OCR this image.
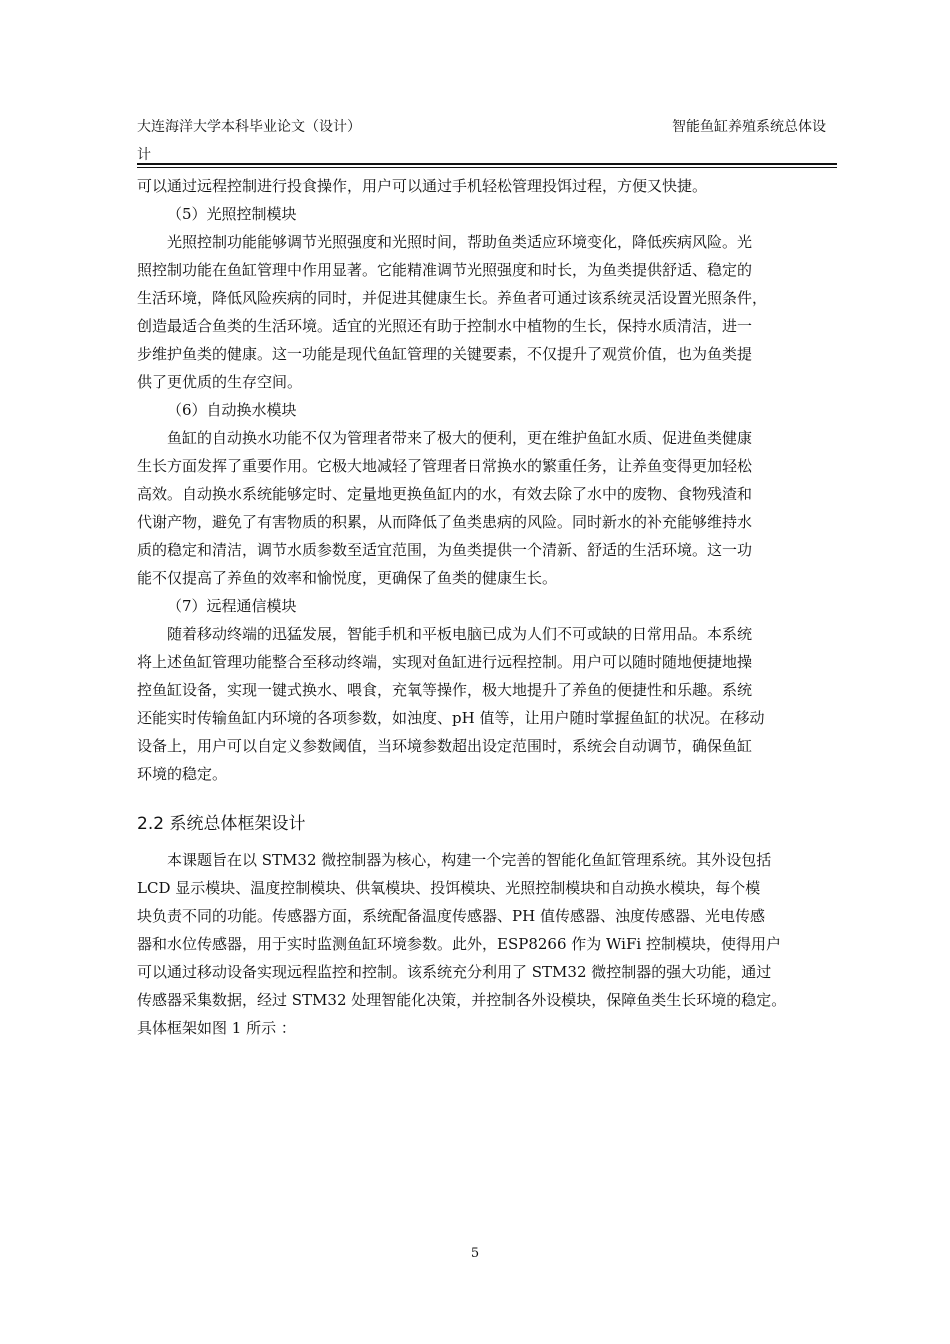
大连海洋大学本科毕业论文（设计）	智能鱼缸养殖系统总体设
计
可以通过远程控制进行投食操作，用户可以通过手机轻松管理投饵过程，方便又快捷。
（5）光照控制模块
光照控制功能能够调节光照强度和光照时间，帮助鱼类适应环境变化，降低疾病风险。光
照控制功能在鱼缸管理中作用显著。它能精准调节光照强度和时长，为鱼类提供舒适、稳定的
生活环境，降低风险疾病的同时，并促进其健康生长。养鱼者可通过该系统灵活设置光照条件，
创造最适合鱼类的生活环境。适宜的光照还有助于控制水中植物的生长，保持水质清洁，进一
步维护鱼类的健康。这一功能是现代鱼缸管理的关键要素，不仅提升了观赏价值，也为鱼类提
供了更优质的生存空间。
（6）自动换水模块
鱼缸的自动换水功能不仅为管理者带来了极大的便利，更在维护鱼缸水质、促进鱼类健康
生长方面发挥了重要作用。它极大地减轻了管理者日常换水的繁重任务，让养鱼变得更加轻松
高效。自动换水系统能够定时、定量地更换鱼缸内的水，有效去除了水中的废物、食物残渣和
代谢产物，避免了有害物质的积累，从而降低了鱼类患病的风险。同时新水的补充能够维持水
质的稳定和清洁，调节水质参数至适宜范围，为鱼类提供一个清新、舒适的生活环境。这一功
能不仅提高了养鱼的效率和愉悦度，更确保了鱼类的健康生长。
（7）远程通信模块
随着移动终端的迅猛发展，智能手机和平板电脑已成为人们不可或缺的日常用品。本系统
将上述鱼缸管理功能整合至移动终端，实现对鱼缸进行远程控制。用户可以随时随地便捷地操
控鱼缸设备，实现一键式换水、喂食，充氧等操作，极大地提升了养鱼的便捷性和乐趣。系统
还能实时传输鱼缸内环境的各项参数，如浊度、pH 值等，让用户随时掌握鱼缸的状况。在移动
设备上，用户可以自定义参数阈值，当环境参数超出设定范围时，系统会自动调节，确保鱼缸
环境的稳定。
2.2 系统总体框架设计
本课题旨在以 STM32 微控制器为核心，构建一个完善的智能化鱼缸管理系统。其外设包括
LCD 显示模块、温度控制模块、供氧模块、投饵模块、光照控制模块和自动换水模块，每个模
块负责不同的功能。传感器方面，系统配备温度传感器、PH 值传感器、浊度传感器、光电传感
器和水位传感器，用于实时监测鱼缸环境参数。此外，ESP8266 作为 WiFi 控制模块，使得用户
可以通过移动设备实现远程监控和控制。该系统充分利用了 STM32 微控制器的强大功能，通过
传感器采集数据，经过 STM32 处理智能化决策，并控制各外设模块，保障鱼类生长环境的稳定。
具体框架如图 1 所示 ：
5
